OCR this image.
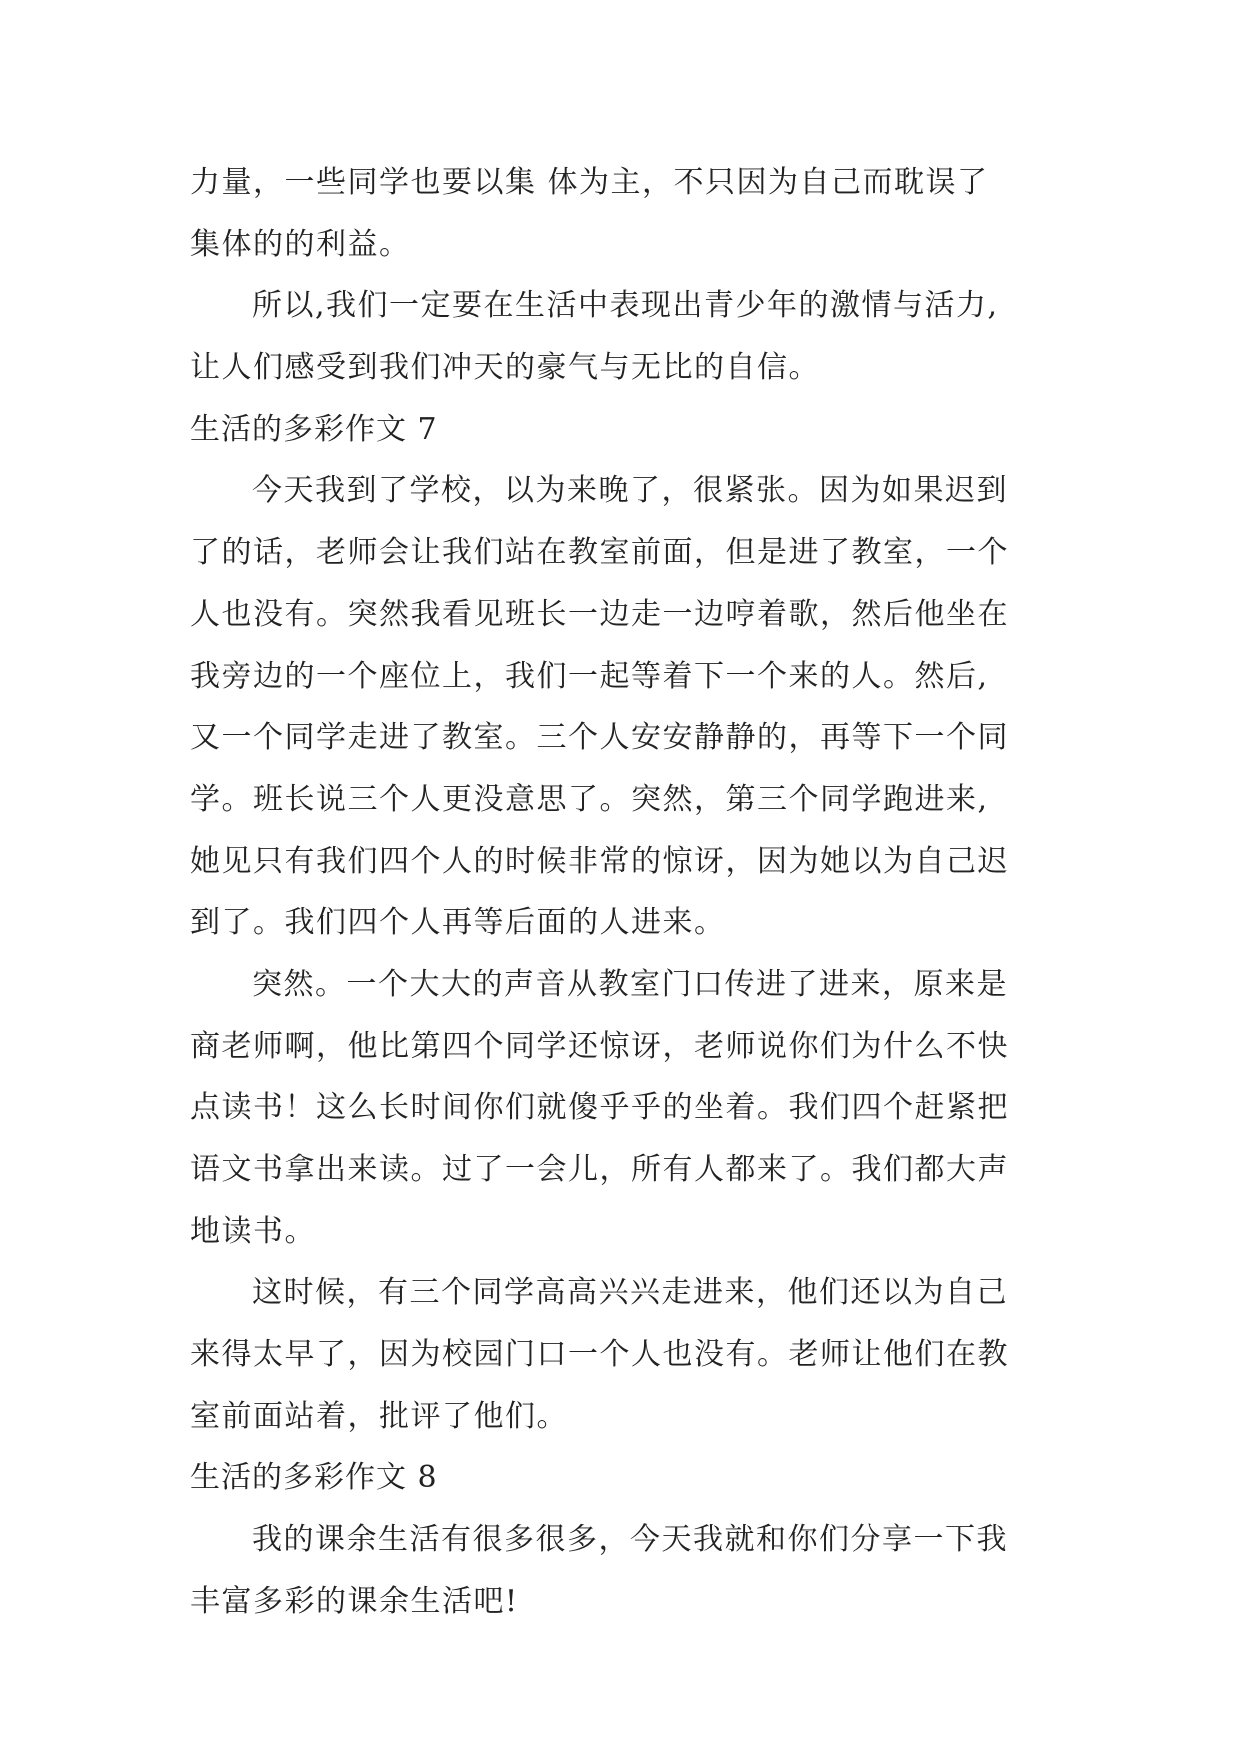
力量，一些同学也要以集 体为主，不只因为自己而耽误了
集体的的利益。
所以,我们一定要在生活中表现出青少年的激情与活力,
让人们感受到我们冲天的豪气与无比的自信。
生活的多彩作文 7
今天我到了学校，以为来晚了，很紧张。因为如果迟到
了的话，老师会让我们站在教室前面，但是进了教室，一个
人也没有。突然我看见班长一边走一边哼着歌，然后他坐在
我旁边的一个座位上，我们一起等着下一个来的人。然后,
又一个同学走进了教室。三个人安安静静的，再等下一个同
学。班长说三个人更没意思了。突然，第三个同学跑进来,
她见只有我们四个人的时候非常的惊讶，因为她以为自己迟
到了。我们四个人再等后面的人进来。
突然。一个大大的声音从教室门口传进了进来，原来是
商老师啊，他比第四个同学还惊讶，老师说你们为什么不快
点读书！这么长时间你们就傻乎乎的坐着。我们四个赶紧把
语文书拿出来读。过了一会儿，所有人都来了。我们都大声
地读书。
这时候，有三个同学高高兴兴走进来，他们还以为自己
来得太早了，因为校园门口一个人也没有。老师让他们在教
室前面站着，批评了他们。
生活的多彩作文 8
我的课余生活有很多很多，今天我就和你们分享一下我
丰富多彩的课余生活吧!
